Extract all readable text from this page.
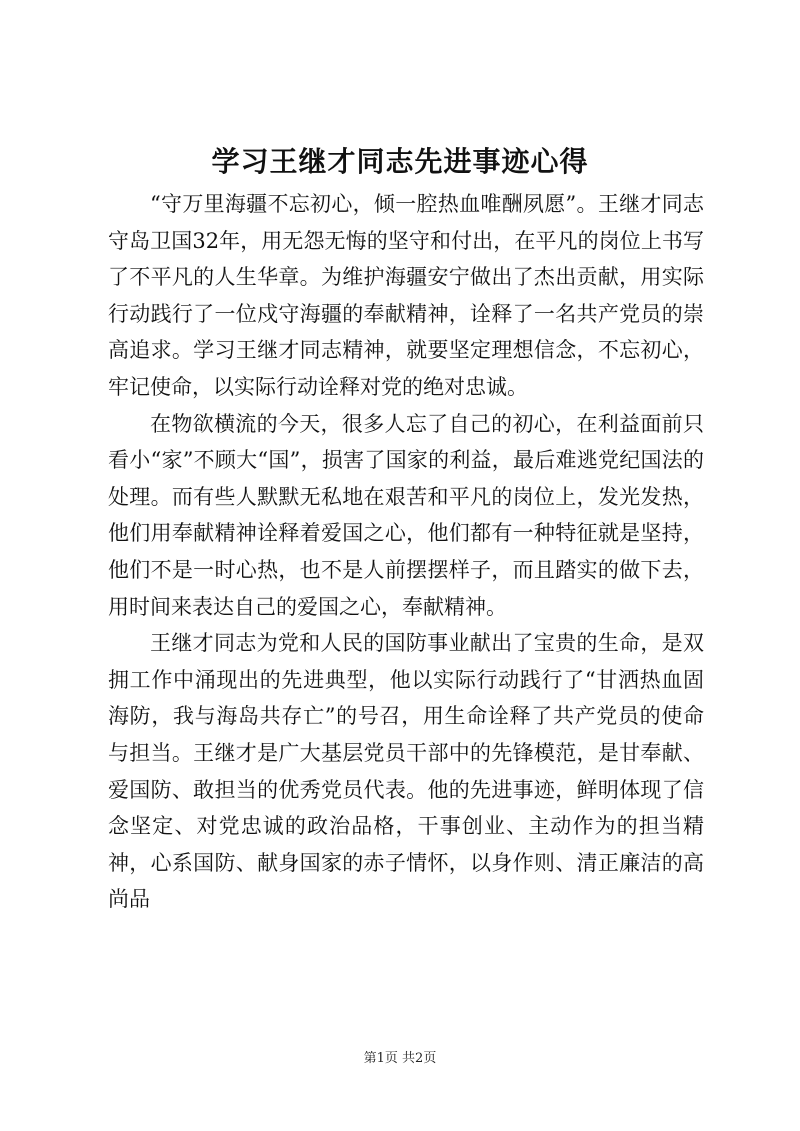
学习王继才同志先进事迹心得

“守万里海疆不忘初心，倾一腔热血唯酬夙愿”。王继才同志守岛卫国32年，用无怨无悔的坚守和付出，在平凡的岗位上书写了不平凡的人生华章。为维护海疆安宁做出了杰出贡献，用实际行动践行了一位戍守海疆的奉献精神，诠释了一名共产党员的崇高追求。学习王继才同志精神，就要坚定理想信念，不忘初心，牢记使命，以实际行动诠释对党的绝对忠诚。

在物欲横流的今天，很多人忘了自己的初心，在利益面前只看小“家”不顾大“国”，损害了国家的利益，最后难逃党纪国法的处理。而有些人默默无私地在艰苦和平凡的岗位上，发光发热，他们用奉献精神诠释着爱国之心，他们都有一种特征就是坚持，他们不是一时心热，也不是人前摆摆样子，而且踏实的做下去，用时间来表达自己的爱国之心，奉献精神。

王继才同志为党和人民的国防事业献出了宝贵的生命，是双拥工作中涌现出的先进典型，他以实际行动践行了“甘洒热血固海防，我与海岛共存亡”的号召，用生命诠释了共产党员的使命与担当。王继才是广大基层党员干部中的先锋模范，是甘奉献、爱国防、敢担当的优秀党员代表。他的先进事迹，鲜明体现了信念坚定、对党忠诚的政治品格，干事创业、主动作为的担当精神，心系国防、献身国家的赤子情怀，以身作则、清正廉洁的高尚品

第1页 共2页
